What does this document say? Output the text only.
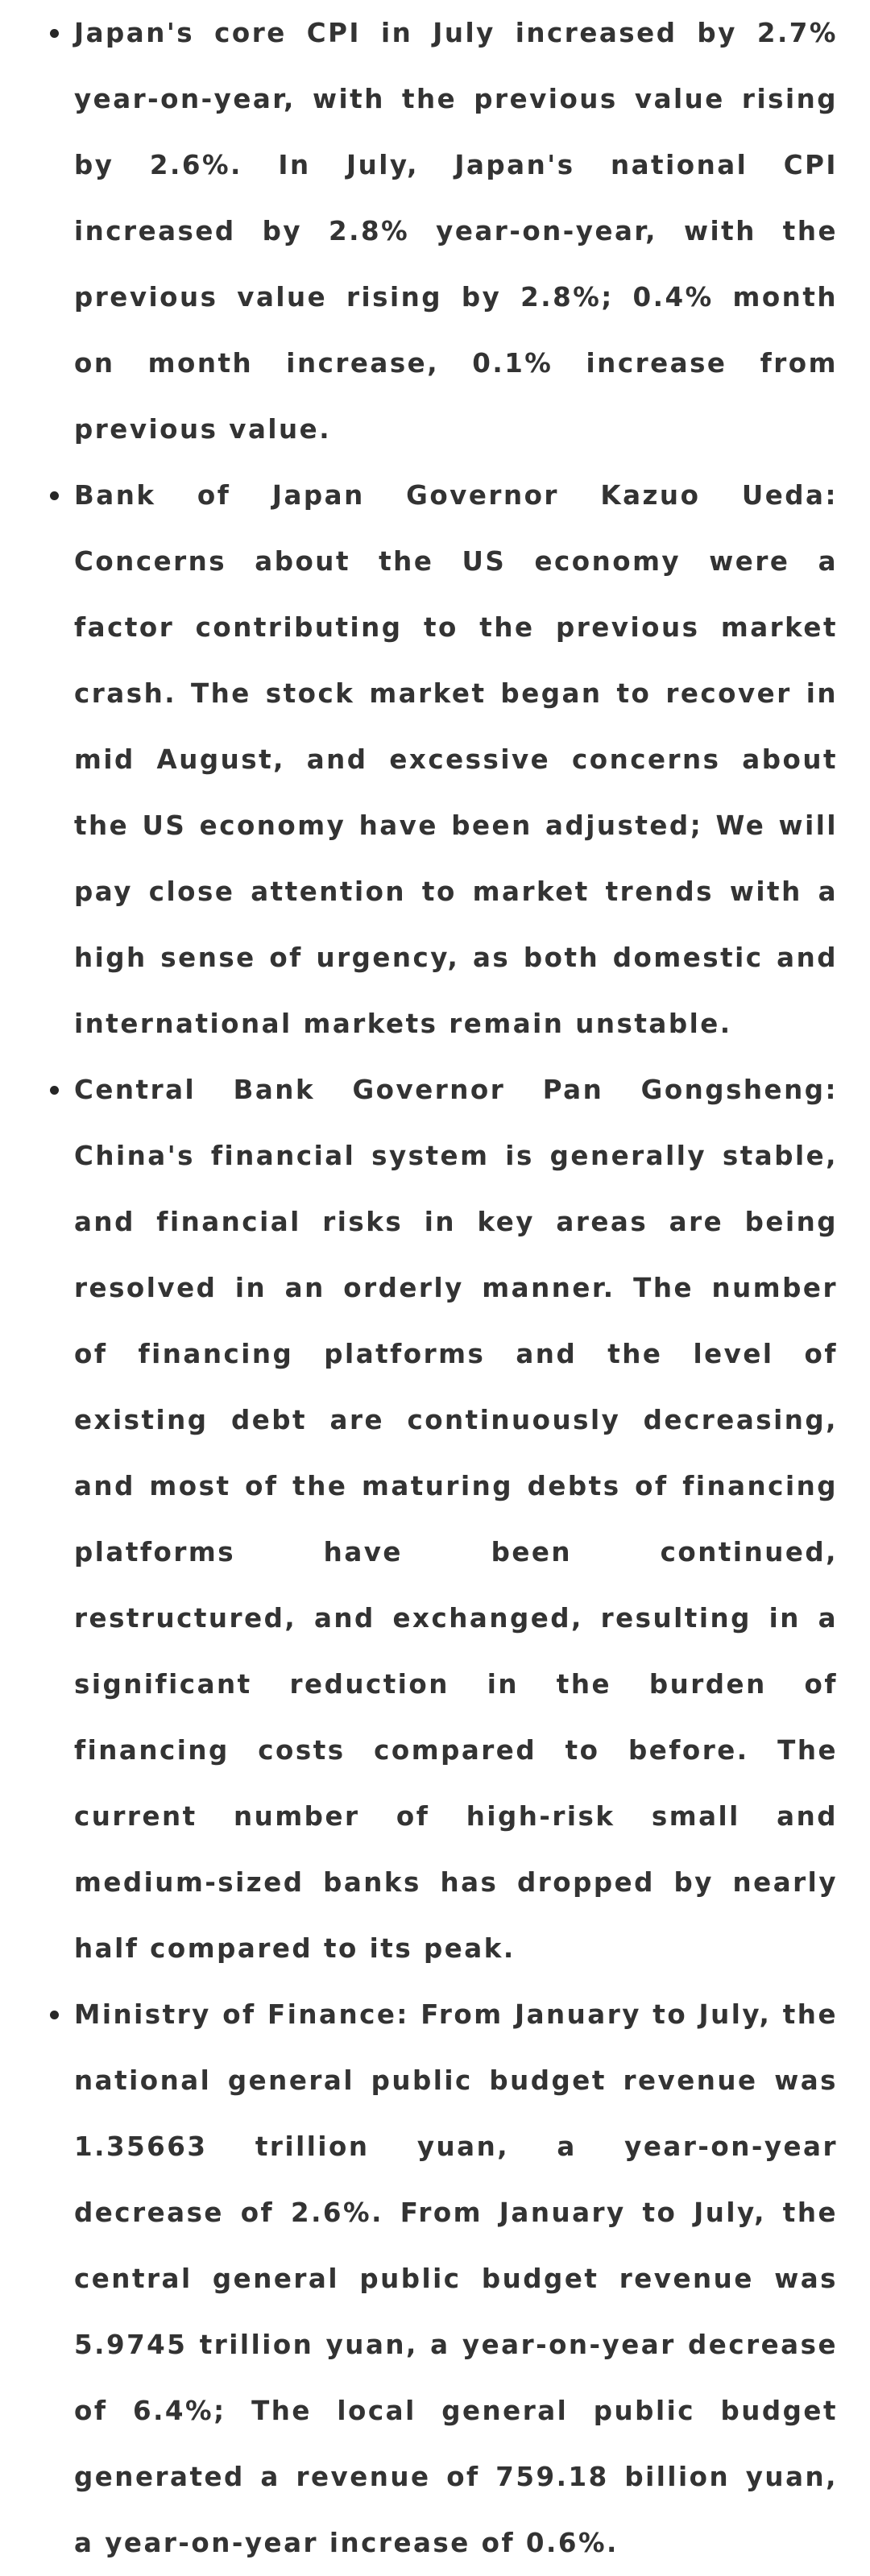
Japan's core CPI in July increased by 2.7% year-on-year, with the previous value rising by 2.6%. In July, Japan's national CPI increased by 2.8% year-on-year, with the previous value rising by 2.8%; 0.4% month on month increase, 0.1% increase from previous value.

Bank of Japan Governor Kazuo Ueda: Concerns about the US economy were a factor contributing to the previous market crash. The stock market began to recover in mid August, and excessive concerns about the US economy have been adjusted; We will pay close attention to market trends with a high sense of urgency, as both domestic and international markets remain unstable.

Central Bank Governor Pan Gongsheng: China's financial system is generally stable, and financial risks in key areas are being resolved in an orderly manner. The number of financing platforms and the level of existing debt are continuously decreasing, and most of the maturing debts of financing platforms have been continued, restructured, and exchanged, resulting in a significant reduction in the burden of financing costs compared to before. The current number of high-risk small and medium-sized banks has dropped by nearly half compared to its peak.

Ministry of Finance: From January to July, the national general public budget revenue was 1.35663 trillion yuan, a year-on-year decrease of 2.6%. From January to July, the central general public budget revenue was 5.9745 trillion yuan, a year-on-year decrease of 6.4%; The local general public budget generated a revenue of 759.18 billion yuan, a year-on-year increase of 0.6%.
